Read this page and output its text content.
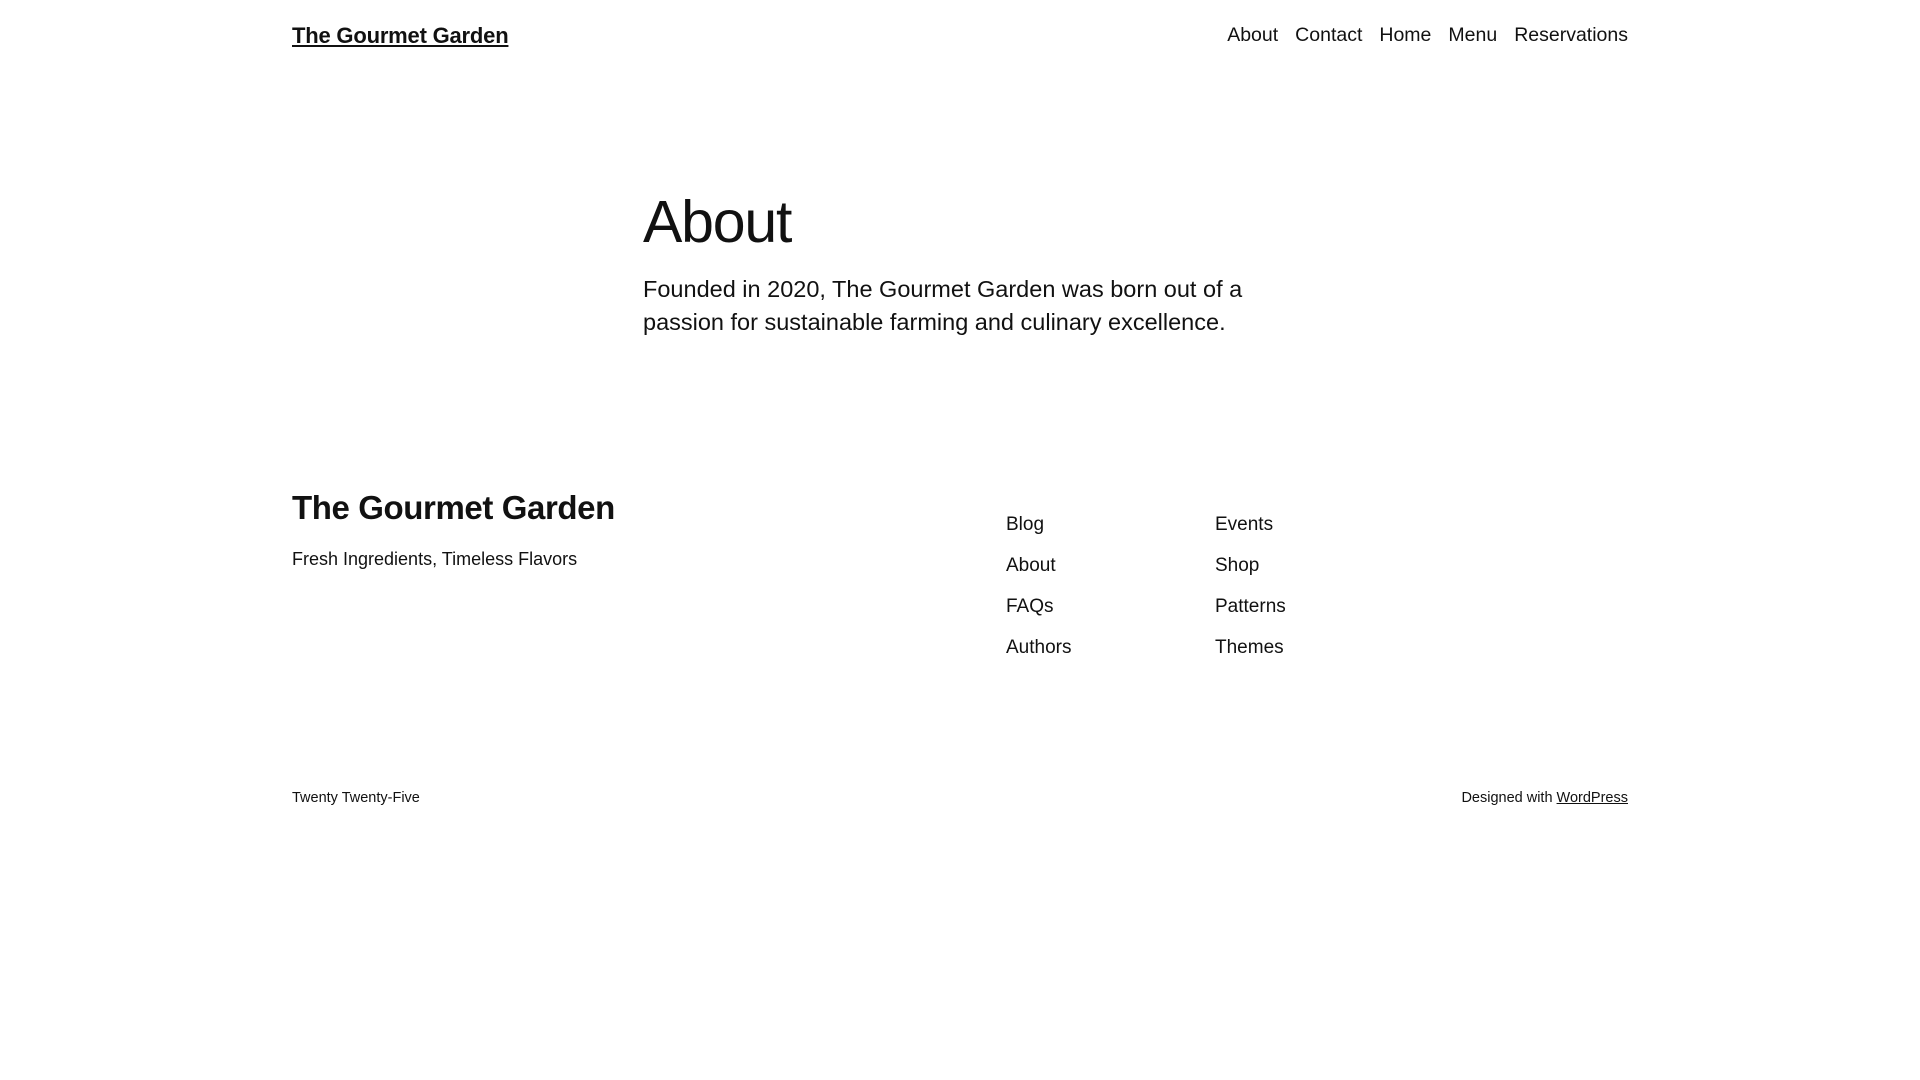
The Gourmet Garden	About Contact Home Menu Reservations
About

Founded in 2020, The Gourmet Garden was born out of a passion for sustainable farming and culinary excellence.

The Gourmet Garden
Fresh Ingredients, Timeless Flavors
Blog
About
FAQs
Authors
Events
Shop
Patterns
Themes
Twenty Twenty-Five	Designed with WordPress
